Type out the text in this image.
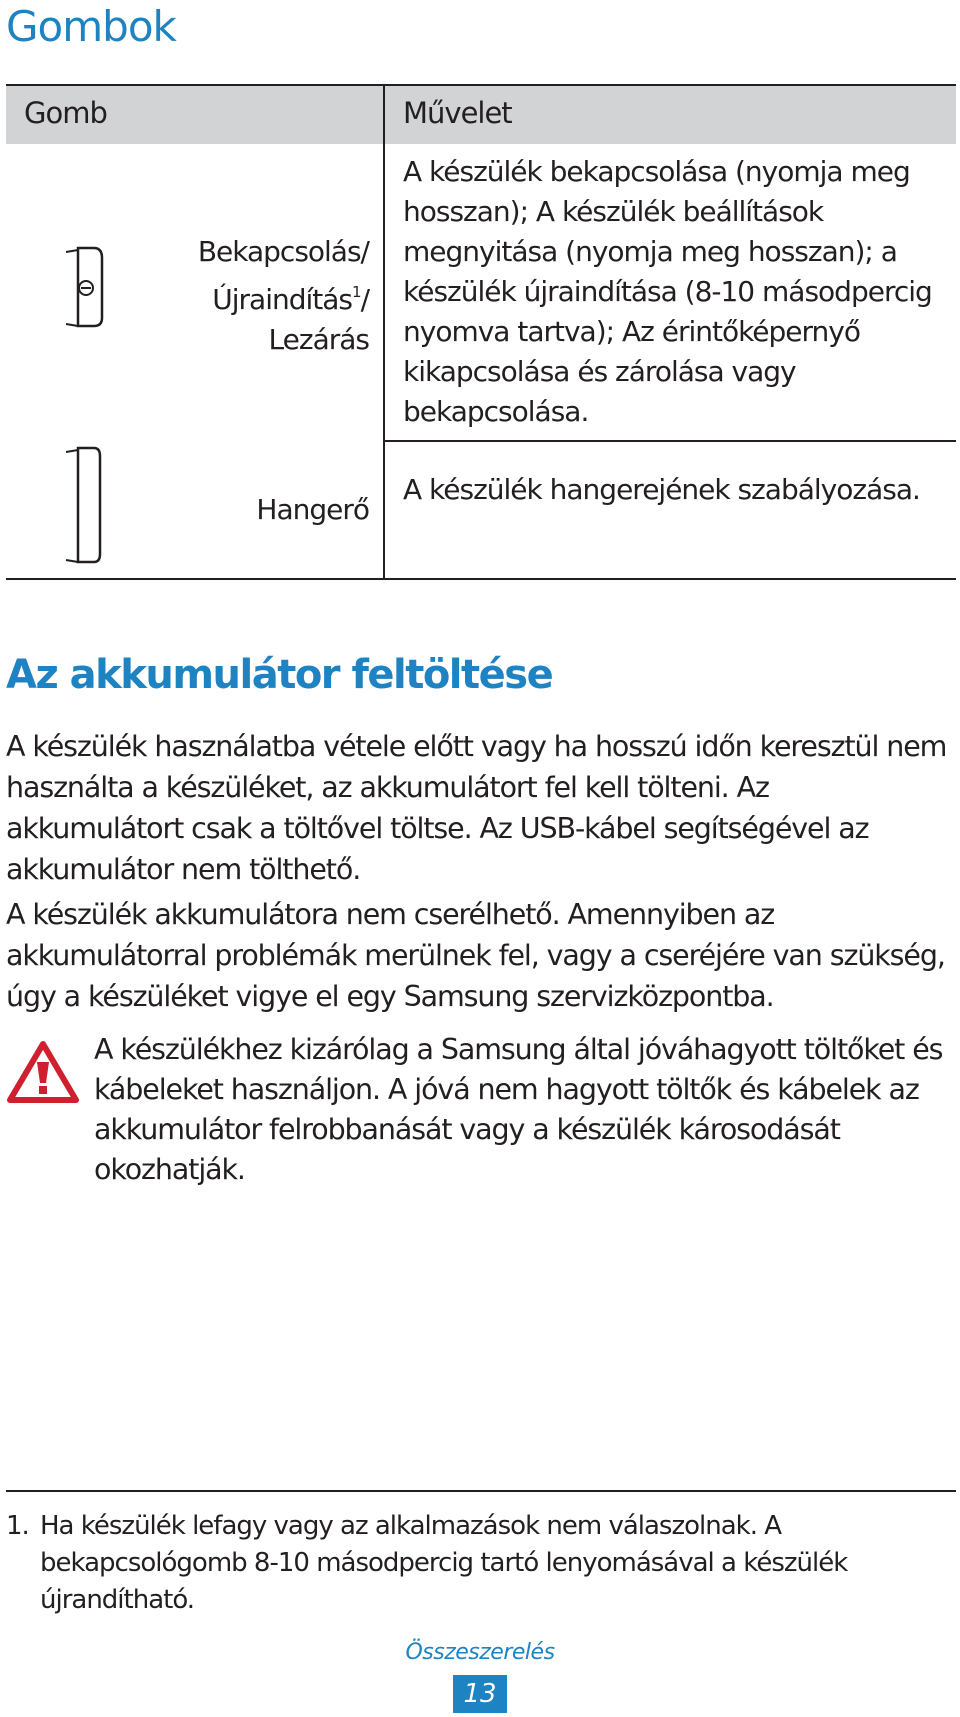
Gombok
Gomb	Művelet
Bekapcsolás/
Újraindítás$^1$/
Lezárás
A készülék bekapcsolása (nyomja meg hosszan); A készülék beállítások megnyitása (nyomja meg hosszan); a készülék újraindítása (8-10 másodpercig nyomva tartva); Az érintőképernyő kikapcsolása és zárolása vagy bekapcsolása.
Hangerő
A készülék hangerejének szabályozása.
Az akkumulátor feltöltése

A készülék használatba vétele előtt vagy ha hosszú időn keresztül nem használta a készüléket, az akkumulátort fel kell tölteni. Az akkumulátort csak a töltővel töltse. Az USB-kábel segítségével az akkumulátor nem tölthető.

A készülék akkumulátora nem cserélhető. Amennyiben az akkumulátorral problémák merülnek fel, vagy a cseréjére van szükség, úgy a készüléket vigye el egy Samsung szervizközpontba.

A készülékhez kizárólag a Samsung által jóváhagyott töltőket és kábeleket használjon. A jóvá nem hagyott töltők és kábelek az akkumulátor felrobbanását vagy a készülék károsodását okozhatják.

1. Ha készülék lefagy vagy az alkalmazások nem válaszolnak. A bekapcsológomb 8-10 másodpercig tartó lenyomásával a készülék újrandítható.

Összeszerelés
13
